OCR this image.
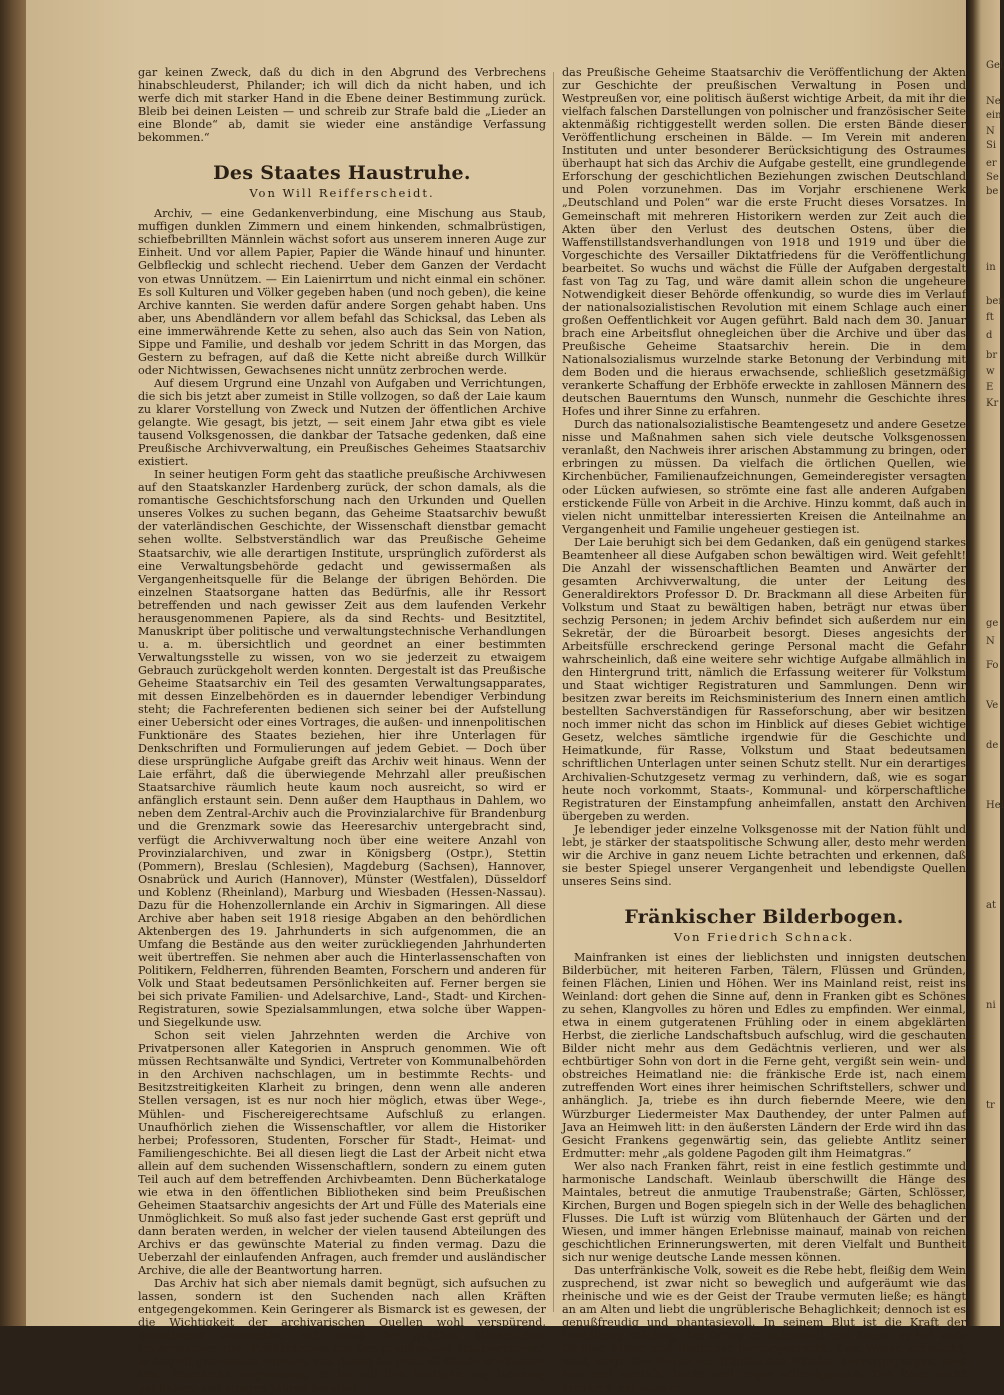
gar keinen Zweck, daß du dich in den Abgrund des Verbrechens hinabschleuderst, Philander; ich will dich da nicht haben, und ich werfe dich mit starker Hand in die Ebene deiner Bestimmung zurück. Bleib bei deinen Leisten — und schreib zur Strafe bald die „Lieder an eine Blonde“ ab, damit sie wieder eine anständige Verfassung bekommen.“

Des Staates Haustruhe.
Von Will Reifferscheidt.

Archiv, — eine Gedankenverbindung, eine Mischung aus Staub, muffigen dunklen Zimmern und einem hinkenden, schmalbrüstigen, schiefbebrillten Männlein wächst sofort aus unserem inneren Auge zur Einheit. Und vor allem Papier, Papier die Wände hinauf und hinunter. Gelbfleckig und schlecht riechend. Ueber dem Ganzen der Verdacht von etwas Unnützem. — Ein Laienirrtum und nicht einmal ein schöner. Es soll Kulturen und Völker gegeben haben (und noch geben), die keine Archive kannten. Sie werden dafür andere Sorgen gehabt haben. Uns aber, uns Abendländern vor allem befahl das Schicksal, das Leben als eine immerwährende Kette zu sehen, also auch das Sein von Nation, Sippe und Familie, und deshalb vor jedem Schritt in das Morgen, das Gestern zu befragen, auf daß die Kette nicht abreiße durch Willkür oder Nichtwissen, Gewachsenes nicht unnütz zerbrochen werde.

Auf diesem Urgrund eine Unzahl von Aufgaben und Verrichtungen, die sich bis jetzt aber zumeist in Stille vollzogen, so daß der Laie kaum zu klarer Vorstellung von Zweck und Nutzen der öffentlichen Archive gelangte. Wie gesagt, bis jetzt, — seit einem Jahr etwa gibt es viele tausend Volksgenossen, die dankbar der Tatsache gedenken, daß eine Preußische Archivverwaltung, ein Preußisches Geheimes Staatsarchiv existiert.

In seiner heutigen Form geht das staatliche preußische Archivwesen auf den Staatskanzler Hardenberg zurück, der schon damals, als die romantische Geschichtsforschung nach den Urkunden und Quellen unseres Volkes zu suchen begann, das Geheime Staatsarchiv bewußt der vaterländischen Geschichte, der Wissenschaft dienstbar gemacht sehen wollte. Selbstverständlich war das Preußische Geheime Staatsarchiv, wie alle derartigen Institute, ursprünglich zuförderst als eine Verwaltungsbehörde gedacht und gewissermaßen als Vergangenheitsquelle für die Belange der übrigen Behörden. Die einzelnen Staatsorgane hatten das Bedürfnis, alle ihr Ressort betreffenden und nach gewisser Zeit aus dem laufenden Verkehr herausgenommenen Papiere, als da sind Rechts- und Besitztitel, Manuskript über politische und verwaltungstechnische Verhandlungen u. a. m. übersichtlich und geordnet an einer bestimmten Verwaltungsstelle zu wissen, von wo sie jederzeit zu etwaigem Gebrauch zurückgeholt werden konnten. Dergestalt ist das Preußische Geheime Staatsarchiv ein Teil des gesamten Verwaltungsapparates, mit dessen Einzelbehörden es in dauernder lebendiger Verbindung steht; die Fachreferenten bedienen sich seiner bei der Aufstellung einer Uebersicht oder eines Vortrages, die außen- und innenpolitischen Funktionäre des Staates beziehen, hier ihre Unterlagen für Denkschriften und Formulierungen auf jedem Gebiet. — Doch über diese ursprüngliche Aufgabe greift das Archiv weit hinaus. Wenn der Laie erfährt, daß die überwiegende Mehrzahl aller preußischen Staatsarchive räumlich heute kaum noch ausreicht, so wird er anfänglich erstaunt sein. Denn außer dem Haupthaus in Dahlem, wo neben dem Zentral-Archiv auch die Provinzialarchive für Brandenburg und die Grenzmark sowie das Heeresarchiv untergebracht sind, verfügt die Archivverwaltung noch über eine weitere Anzahl von Provinzialarchiven, und zwar in Königsberg (Ostpr.), Stettin (Pommern), Breslau (Schlesien), Magdeburg (Sachsen), Hannover, Osnabrück und Aurich (Hannover), Münster (Westfalen), Düsseldorf und Koblenz (Rheinland), Marburg und Wiesbaden (Hessen-Nassau). Dazu für die Hohenzollernlande ein Archiv in Sigmaringen. All diese Archive aber haben seit 1918 riesige Abgaben an den behördlichen Aktenbergen des 19. Jahrhunderts in sich aufgenommen, die an Umfang die Bestände aus den weiter zurückliegenden Jahrhunderten weit übertreffen. Sie nehmen aber auch die Hinterlassenschaften von Politikern, Feldherren, führenden Beamten, Forschern und anderen für Volk und Staat bedeutsamen Persönlichkeiten auf. Ferner bergen sie bei sich private Familien- und Adelsarchive, Land-, Stadt- und Kirchen-Registraturen, sowie Spezialsammlungen, etwa solche über Wappen- und Siegelkunde usw.

Schon seit vielen Jahrzehnten werden die Archive von Privatpersonen aller Kategorien in Anspruch genommen. Wie oft müssen Rechtsanwälte und Syndici, Vertreter von Kommunalbehörden in den Archiven nachschlagen, um in bestimmte Rechts- und Besitzstreitigkeiten Klarheit zu bringen, denn wenn alle anderen Stellen versagen, ist es nur noch hier möglich, etwas über Wege-, Mühlen- und Fischereigerechtsame Aufschluß zu erlangen. Unaufhörlich ziehen die Wissenschaftler, vor allem die Historiker herbei; Professoren, Studenten, Forscher für Stadt-, Heimat- und Familiengeschichte. Bei all diesen liegt die Last der Arbeit nicht etwa allein auf dem suchenden Wissenschaftlern, sondern zu einem guten Teil auch auf dem betreffenden Archivbeamten. Denn Bücherkataloge wie etwa in den öffentlichen Bibliotheken sind beim Preußischen Geheimen Staatsarchiv angesichts der Art und Fülle des Materials eine Unmöglichkeit. So muß also fast jeder suchende Gast erst geprüft und dann beraten werden, in welcher der vielen tausend Abteilungen des Archivs er das gewünschte Material zu finden vermag. Dazu die Ueberzahl der einlaufenden Anfragen, auch fremder und ausländischer Archive, die alle der Beantwortung harren.

Das Archiv hat sich aber niemals damit begnügt, sich aufsuchen zu lassen, sondern ist den Suchenden nach allen Kräften entgegengekommen. Kein Geringerer als Bismarck ist es gewesen, der die Wichtigkeit der archivarischen Quellen wohl verspürend, unmittelbar veranlaßte, daß eines der größten literarischen Unternehmen, die „Publikationen aus den preußischen Staatsarchiven“ in Angriff genommen wurden, von denen bis jetzt 93 Bände erschienen sind. Bismarcks Wegweisung ist bis auf den heutigen Tag lebendig geblieben; seit einigen Jahren bereitet

das Preußische Geheime Staatsarchiv die Veröffentlichung der Akten zur Geschichte der preußischen Verwaltung in Posen und Westpreußen vor, eine politisch äußerst wichtige Arbeit, da mit ihr die vielfach falschen Darstellungen von polnischer und französischer Seite aktenmäßig richtiggestellt werden sollen. Die ersten Bände dieser Veröffentlichung erscheinen in Bälde. — Im Verein mit anderen Instituten und unter besonderer Berücksichtigung des Ostraumes überhaupt hat sich das Archiv die Aufgabe gestellt, eine grundlegende Erforschung der geschichtlichen Beziehungen zwischen Deutschland und Polen vorzunehmen. Das im Vorjahr erschienene Werk „Deutschland und Polen“ war die erste Frucht dieses Vorsatzes. In Gemeinschaft mit mehreren Historikern werden zur Zeit auch die Akten über den Verlust des deutschen Ostens, über die Waffenstillstandsverhandlungen von 1918 und 1919 und über die Vorgeschichte des Versailler Diktatfriedens für die Veröffentlichung bearbeitet. So wuchs und wächst die Fülle der Aufgaben dergestalt fast von Tag zu Tag, und wäre damit allein schon die ungeheure Notwendigkeit dieser Behörde offenkundig, so wurde dies im Verlauf der nationalsozialistischen Revolution mit einem Schlage auch einer großen Oeffentlichkeit vor Augen geführt. Bald nach dem 30. Januar brach eine Arbeitsflut ohnegleichen über die Archive und über das Preußische Geheime Staatsarchiv herein. Die in dem Nationalsozialismus wurzelnde starke Betonung der Verbindung mit dem Boden und die hieraus erwachsende, schließlich gesetzmäßig verankerte Schaffung der Erbhöfe erweckte in zahllosen Männern des deutschen Bauerntums den Wunsch, nunmehr die Geschichte ihres Hofes und ihrer Sinne zu erfahren.

Durch das nationalsozialistische Beamtengesetz und andere Gesetze nisse und Maßnahmen sahen sich viele deutsche Volksgenossen veranlaßt, den Nachweis ihrer arischen Abstammung zu bringen, oder erbringen zu müssen. Da vielfach die örtlichen Quellen, wie Kirchenbücher, Familienaufzeichnungen, Gemeinderegister versagten oder Lücken aufwiesen, so strömte eine fast alle anderen Aufgaben erstickende Fülle von Arbeit in die Archive. Hinzu kommt, daß auch in vielen nicht unmittelbar interessierten Kreisen die Anteilnahme an Vergangenheit und Familie ungeheuer gestiegen ist.

Der Laie beruhigt sich bei dem Gedanken, daß ein genügend starkes Beamtenheer all diese Aufgaben schon bewältigen wird. Weit gefehlt! Die Anzahl der wissenschaftlichen Beamten und Anwärter der gesamten Archivverwaltung, die unter der Leitung des Generaldirektors Professor D. Dr. Brackmann all diese Arbeiten für Volkstum und Staat zu bewältigen haben, beträgt nur etwas über sechzig Personen; in jedem Archiv befindet sich außerdem nur ein Sekretär, der die Büroarbeit besorgt. Dieses angesichts der Arbeitsfülle erschreckend geringe Personal macht die Gefahr wahrscheinlich, daß eine weitere sehr wichtige Aufgabe allmählich in den Hintergrund tritt, nämlich die Erfassung weiterer für Volkstum und Staat wichtiger Registraturen und Sammlungen. Denn wir besitzen zwar bereits im Reichsministerium des Innern einen amtlich bestellten Sachverständigen für Rasseforschung, aber wir besitzen noch immer nicht das schon im Hinblick auf dieses Gebiet wichtige Gesetz, welches sämtliche irgendwie für die Geschichte und Heimatkunde, für Rasse, Volkstum und Staat bedeutsamen schriftlichen Unterlagen unter seinen Schutz stellt. Nur ein derartiges Archivalien-Schutzgesetz vermag zu verhindern, daß, wie es sogar heute noch vorkommt, Staats-, Kommunal- und körperschaftliche Registraturen der Einstampfung anheimfallen, anstatt den Archiven übergeben zu werden.

Je lebendiger jeder einzelne Volksgenosse mit der Nation fühlt und lebt, je stärker der staatspolitische Schwung aller, desto mehr werden wir die Archive in ganz neuem Lichte betrachten und erkennen, daß sie bester Spiegel unserer Vergangenheit und lebendigste Quellen unseres Seins sind.

Fränkischer Bilderbogen.
Von Friedrich Schnack.

Mainfranken ist eines der lieblichsten und innigsten deutschen Bilderbücher, mit heiteren Farben, Tälern, Flüssen und Gründen, feinen Flächen, Linien und Höhen. Wer ins Mainland reist, reist ins Weinland: dort gehen die Sinne auf, denn in Franken gibt es Schönes zu sehen, Klangvolles zu hören und Edles zu empfinden. Wer einmal, etwa in einem gutgeratenen Frühling oder in einem abgeklärten Herbst, die zierliche Landschaftsbuch aufschlug, wird die geschauten Bilder nicht mehr aus dem Gedächtnis verlieren, und wer als echtbürtiger Sohn von dort in die Ferne geht, vergißt sein wein- und obstreiches Heimatland nie: die fränkische Erde ist, nach einem zutreffenden Wort eines ihrer heimischen Schriftstellers, schwer und anhänglich. Ja, triebe es ihn durch fiebernde Meere, wie den Würzburger Liedermeister Max Dauthendey, der unter Palmen auf Java an Heimweh litt: in den äußersten Ländern der Erde wird ihn das Gesicht Frankens gegenwärtig sein, das geliebte Antlitz seiner Erdmutter: mehr „als goldene Pagoden gilt ihm Heimatgras.“

Wer also nach Franken fährt, reist in eine festlich gestimmte und harmonische Landschaft. Weinlaub überschwillt die Hänge des Maintales, betreut die anmutige Traubenstraße; Gärten, Schlösser, Kirchen, Burgen und Bogen spiegeln sich in der Welle des behaglichen Flusses. Die Luft ist würzig vom Blütenhauch der Gärten und der Wiesen, und immer hängen Erlebnisse mainauf, mainab von reichen geschichtlichen Erinnerungswerten, mit deren Vielfalt und Buntheit sich nur wenige deutsche Lande messen können.

Das unterfränkische Volk, soweit es die Rebe hebt, fleißig dem Wein zusprechend, ist zwar nicht so beweglich und aufgeräumt wie das rheinische und wie es der Geist der Traube vermuten ließe; es hängt an am Alten und liebt die ungrüblerische Behaglichkeit; dennoch ist es genußfreudig und phantasievoll. In seinem Blut ist die Kraft der Gestaltung mächtig, der Drang zu Schönheit und Kunst: es hat viele Dichter, Maler und Bildhauer hervorgebracht. Sein Wesen schmückt, malt, singt. Die Werke aus fränkischen Händen hervorgegangen, sind fein und zierlich, leicht und sogar schwelgerisch. Der Wein wirkt hindurch mit seinem

Gel
Ne
ein
N
Si
er
Se
be
in
ber
ft
d
br
w
E
Kr
ge
N
Fo
Ve
de
Hel
at
ni
tr
